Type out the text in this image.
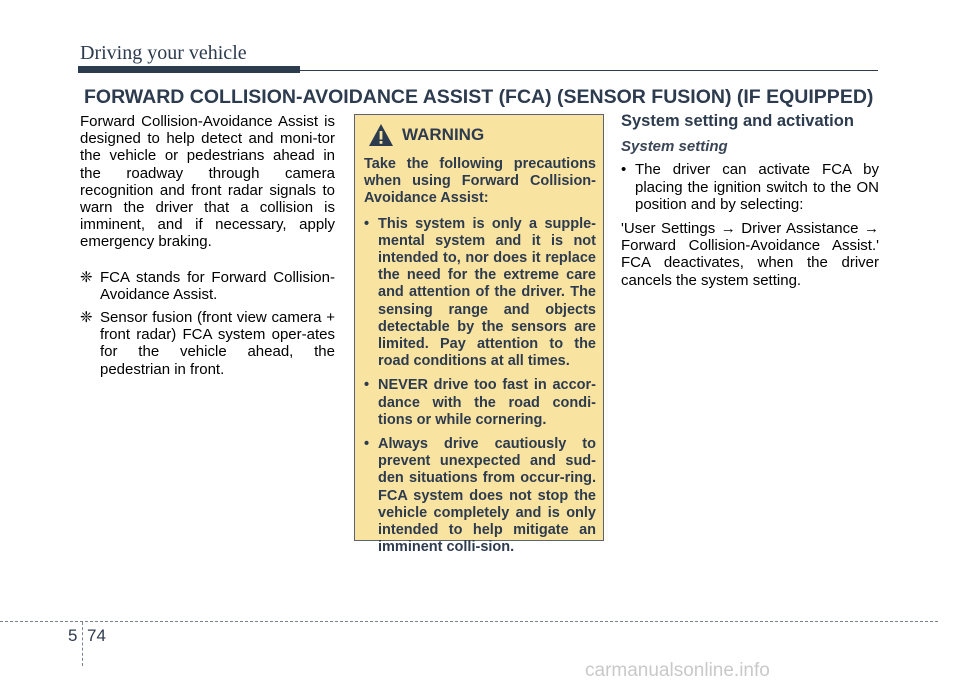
Driving your vehicle
FORWARD COLLISION-AVOIDANCE ASSIST (FCA) (SENSOR FUSION) (IF EQUIPPED)

Forward Collision-Avoidance Assist is designed to help detect and moni-tor the vehicle or pedestrians ahead in the roadway through camera recognition and front radar signals to warn the driver that a collision is imminent, and if necessary, apply emergency braking.

❈ FCA stands for Forward Collision-Avoidance Assist.

❈ Sensor fusion (front view camera + front radar) FCA system oper-ates for the vehicle ahead, the pedestrian in front.

WARNING

Take the following precautions when using Forward Collision-Avoidance Assist:

• This system is only a supple-mental system and it is not intended to, nor does it replace the need for the extreme care and attention of the driver. The sensing range and objects detectable by the sensors are limited. Pay attention to the road conditions at all times.
• NEVER drive too fast in accor-dance with the road condi-tions or while cornering.
• Always drive cautiously to prevent unexpected and sud-den situations from occur-ring. FCA system does not stop the vehicle completely and is only intended to help mitigate an imminent colli-sion.

System setting and activation

System setting

• The driver can activate FCA by placing the ignition switch to the ON position and by selecting:

'User Settings → Driver Assistance → Forward Collision-Avoidance Assist.' FCA deactivates, when the driver cancels the system setting.

5 74
carmanualsonline.info
